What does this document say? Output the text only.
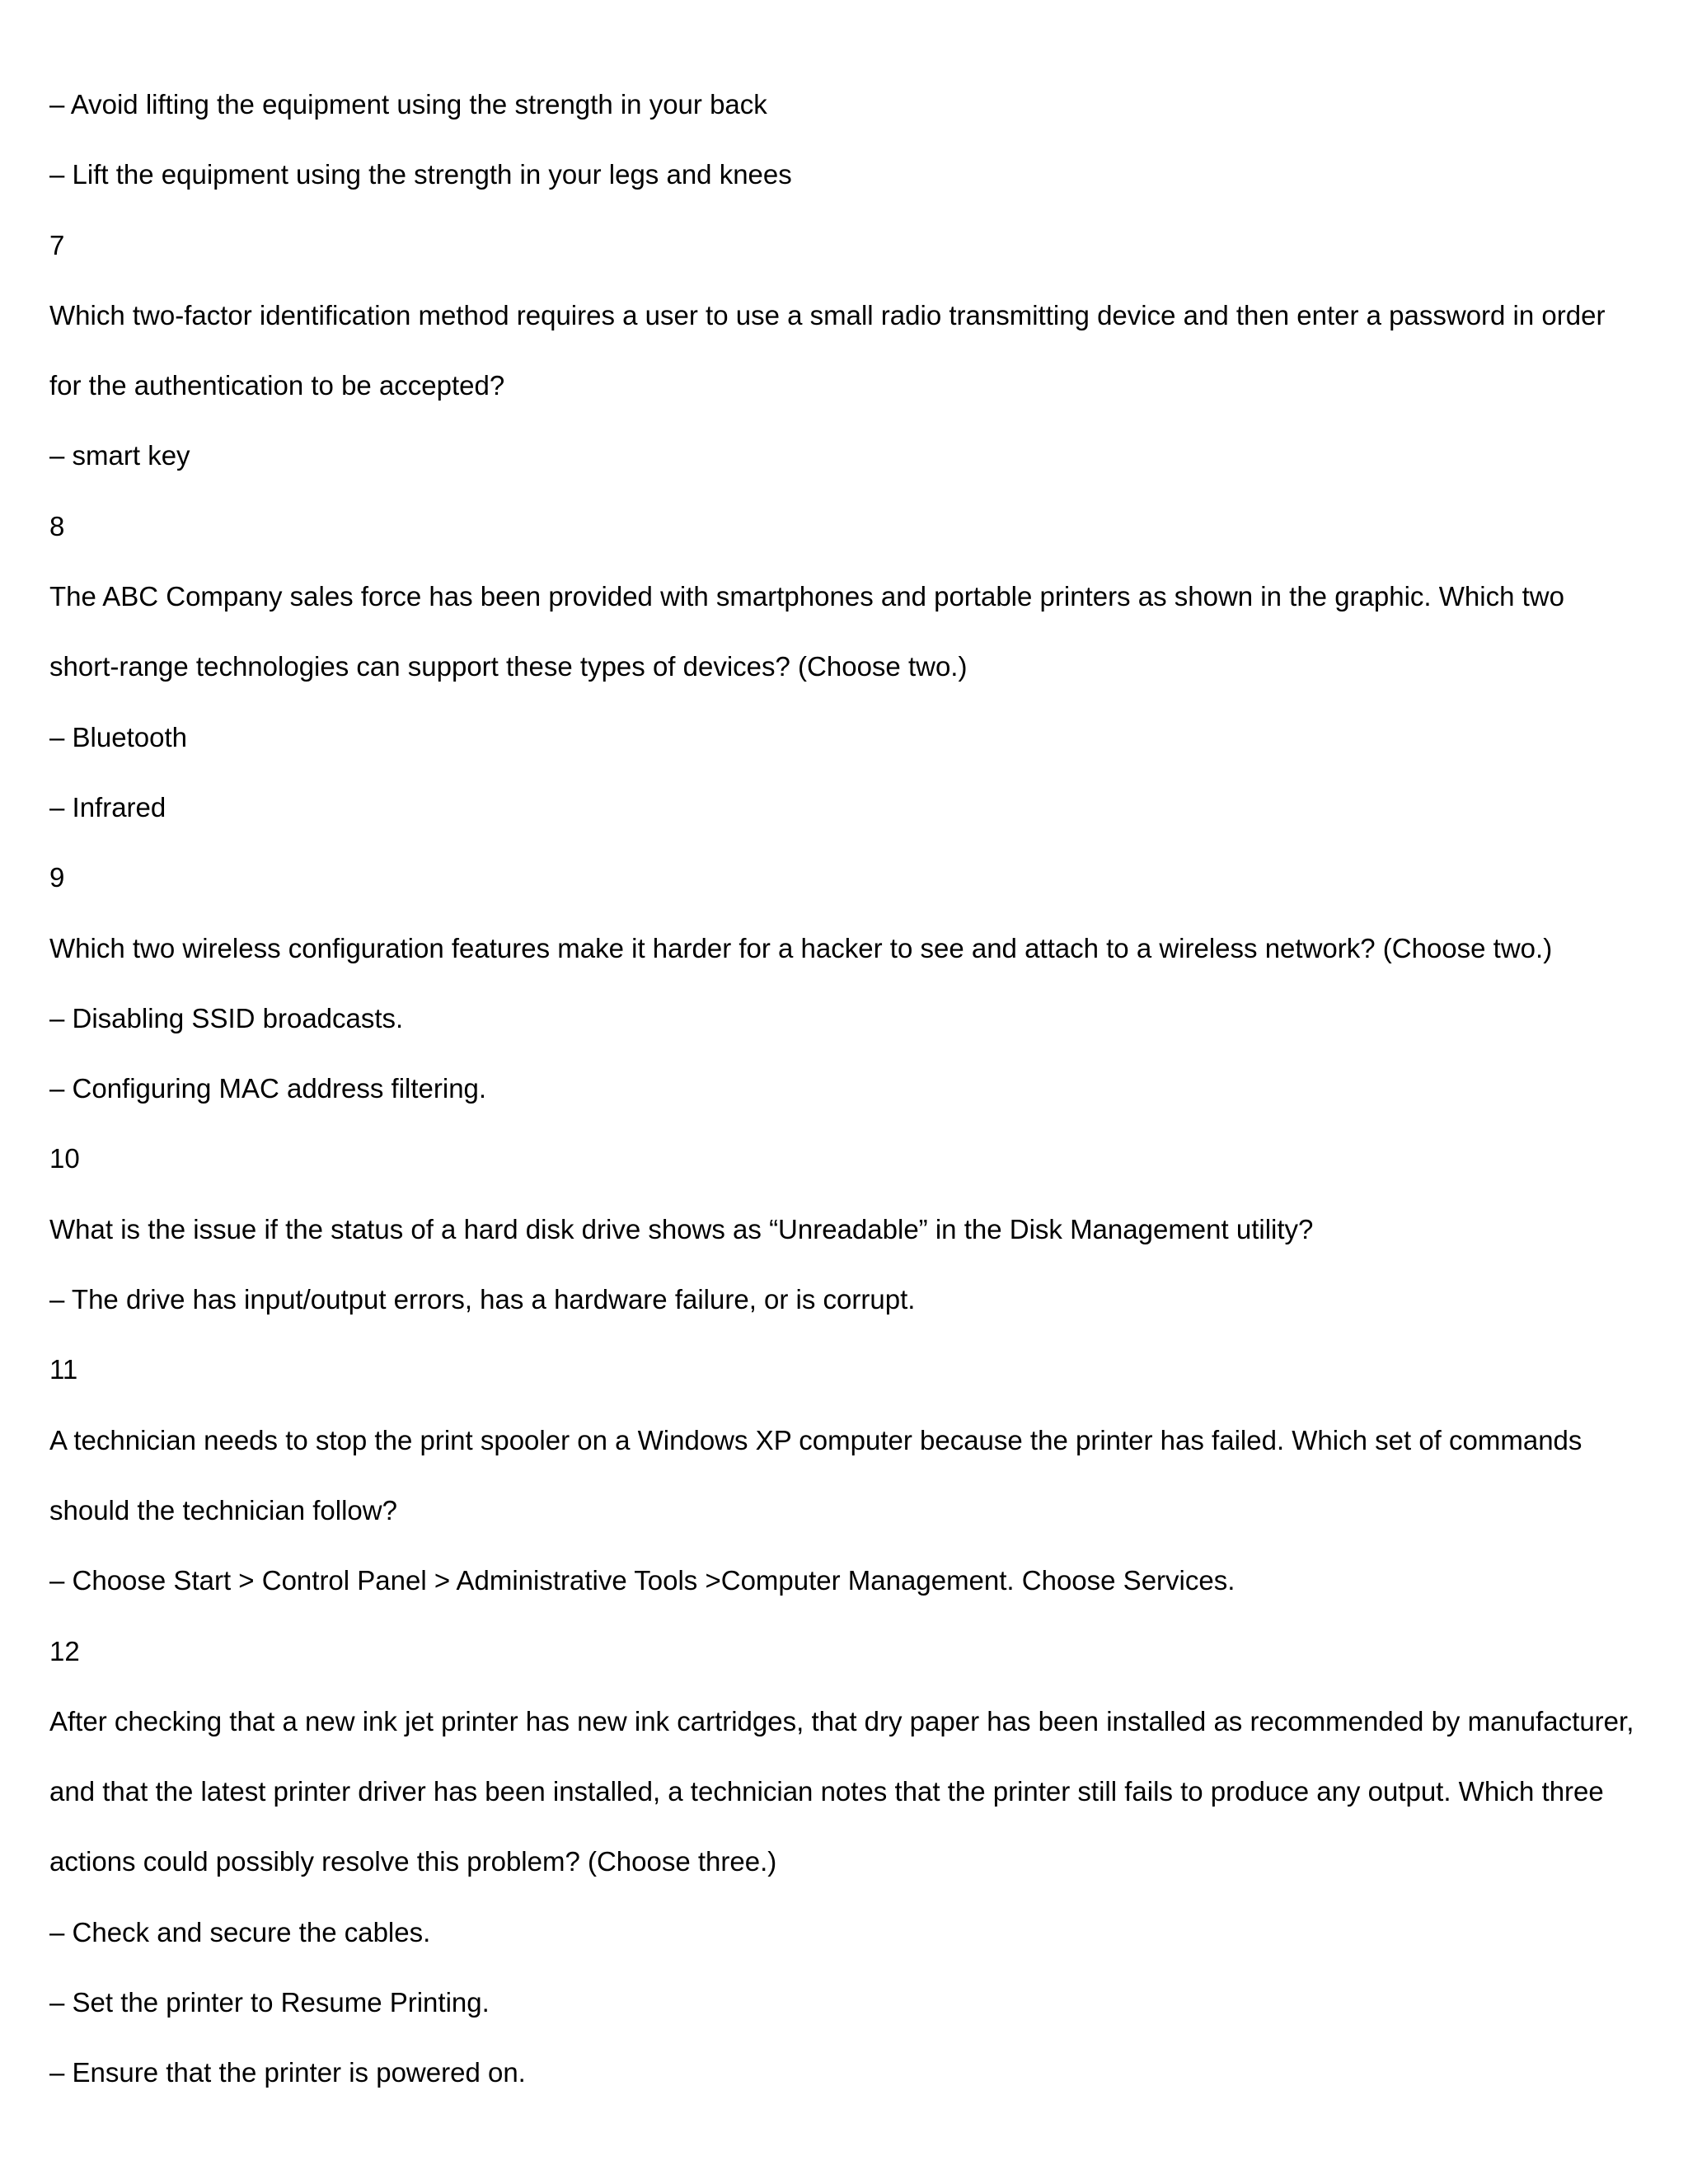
– Avoid lifting the equipment using the strength in your back
– Lift the equipment using the strength in your legs and knees
7
Which two-factor identification method requires a user to use a small radio transmitting device and then enter a password in order
for the authentication to be accepted?
– smart key
8
The ABC Company sales force has been provided with smartphones and portable printers as shown in the graphic. Which two
short-range technologies can support these types of devices? (Choose two.)
– Bluetooth
– Infrared
9
Which two wireless configuration features make it harder for a hacker to see and attach to a wireless network? (Choose two.)
– Disabling SSID broadcasts.
– Configuring MAC address filtering.
10
What is the issue if the status of a hard disk drive shows as “Unreadable” in the Disk Management utility?
– The drive has input/output errors, has a hardware failure, or is corrupt.
11
A technician needs to stop the print spooler on a Windows XP computer because the printer has failed. Which set of commands
should the technician follow?
– Choose Start > Control Panel > Administrative Tools >Computer Management. Choose Services.
12
After checking that a new ink jet printer has new ink cartridges, that dry paper has been installed as recommended by manufacturer,
and that the latest printer driver has been installed, a technician notes that the printer still fails to produce any output. Which three
actions could possibly resolve this problem? (Choose three.)
– Check and secure the cables.
– Set the printer to Resume Printing.
– Ensure that the printer is powered on.
